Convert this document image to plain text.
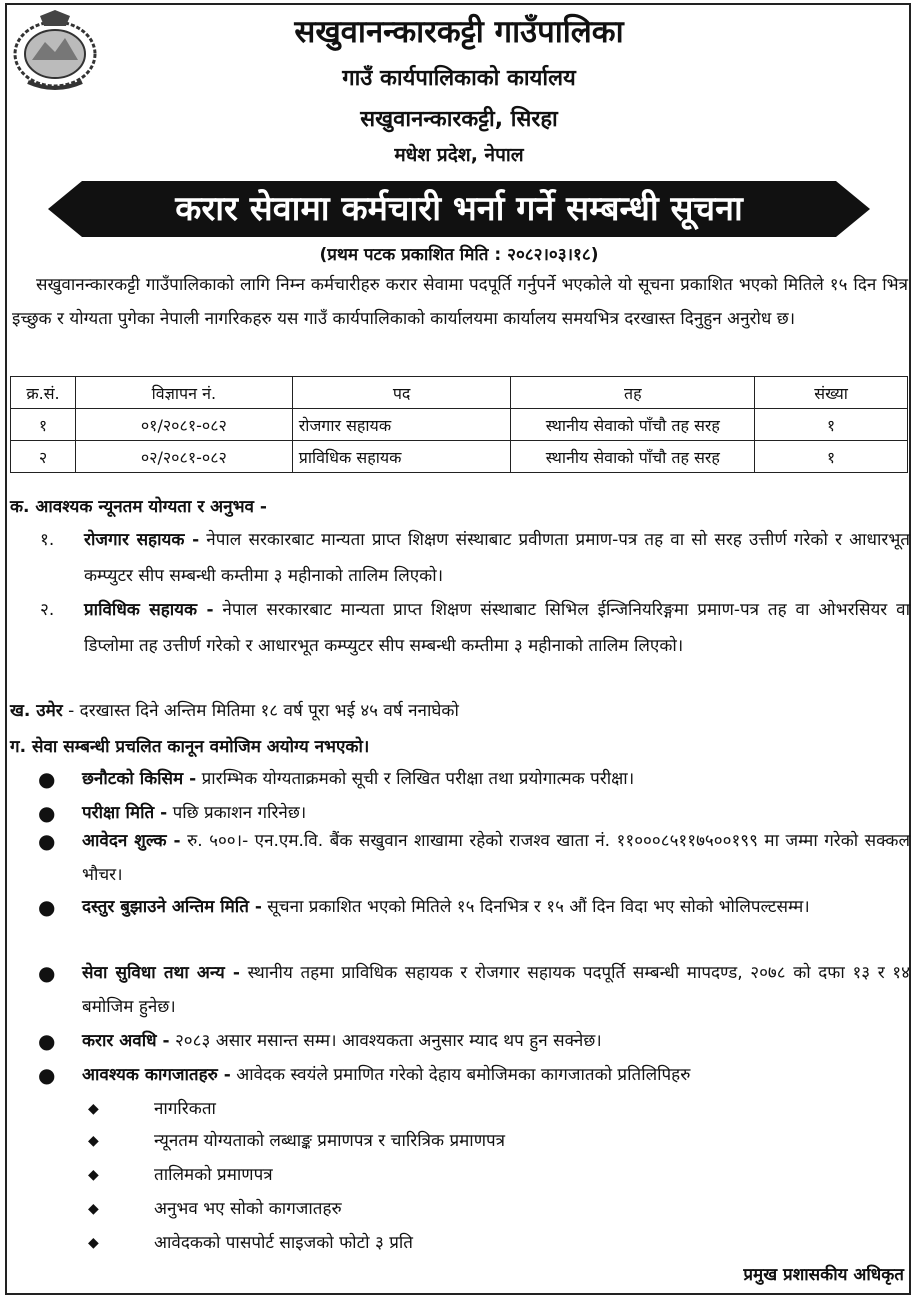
सखुवानन्कारकट्टी गाउँपालिका
गाउँ कार्यपालिकाको कार्यालय
सखुवानन्कारकट्टी, सिरहा
मधेश प्रदेश, नेपाल
करार सेवामा कर्मचारी भर्ना गर्ने सम्बन्धी सूचना
(प्रथम पटक प्रकाशित मिति : २०८२।०३।१८)

सखुवानन्कारकट्टी गाउँपालिकाको लागि निम्न कर्मचारीहरु करार सेवामा पदपूर्ति गर्नुपर्ने भएकोले यो सूचना प्रकाशित भएको मितिले १५ दिन भित्र इच्छुक र योग्यता पुगेका नेपाली नागरिकहरु यस गाउँ कार्यपालिकाको कार्यालयमा कार्यालय समयभित्र दरखास्त दिनुहुन अनुरोध छ।

क्र.सं.	विज्ञापन नं.	पद	तह	संख्या
१	०१/२०८१-०८२	रोजगार सहायक	स्थानीय सेवाको पाँचौ तह सरह	१
२	०२/२०८१-०८२	प्राविधिक सहायक	स्थानीय सेवाको पाँचौ तह सरह	१
क. आवश्यक न्यूनतम योग्यता र अनुभव -
१. रोजगार सहायक - नेपाल सरकारबाट मान्यता प्राप्त शिक्षण संस्थाबाट प्रवीणता प्रमाण-पत्र तह वा सो सरह उत्तीर्ण गरेको र आधारभूत कम्प्युटर सीप सम्बन्धी कम्तीमा ३ महीनाको तालिम लिएको।
२. प्राविधिक सहायक - नेपाल सरकारबाट मान्यता प्राप्त शिक्षण संस्थाबाट सिभिल ईन्जिनियरिङ्गमा प्रमाण-पत्र तह वा ओभरसियर वा डिप्लोमा तह उत्तीर्ण गरेको र आधारभूत कम्प्युटर सीप सम्बन्धी कम्तीमा ३ महीनाको तालिम लिएको।
ख. उमेर - दरखास्त दिने अन्तिम मितिमा १८ वर्ष पूरा भई ४५ वर्ष ननाघेको
ग. सेवा सम्बन्धी प्रचलित कानून वमोजिम अयोग्य नभएको।
● छनौटको किसिम - प्रारम्भिक योग्यताक्रमको सूची र लिखित परीक्षा तथा प्रयोगात्मक परीक्षा।
● परीक्षा मिति - पछि प्रकाशन गरिनेछ।
● आवेदन शुल्क - रु. ५००।- एन.एम.वि. बैंक सखुवान शाखामा रहेको राजश्व खाता नं. ११०००८५११७५००१९९ मा जम्मा गरेको सक्कल भौचर।
● दस्तुर बुझाउने अन्तिम मिति - सूचना प्रकाशित भएको मितिले १५ दिनभित्र र १५ औं दिन विदा भए सोको भोलिपल्टसम्म।
● सेवा सुविधा तथा अन्य - स्थानीय तहमा प्राविधिक सहायक र रोजगार सहायक पदपूर्ति सम्बन्धी मापदण्ड, २०७८ को दफा १३ र १४ बमोजिम हुनेछ।
● करार अवधि - २०८३ असार मसान्त सम्म। आवश्यकता अनुसार म्याद थप हुन सक्नेछ।
● आवश्यक कागजातहरु - आवेदक स्वयंले प्रमाणित गरेको देहाय बमोजिमका कागजातको प्रतिलिपिहरु
◆	नागरिकता
◆	न्यूनतम योग्यताको लब्धाङ्क प्रमाणपत्र र चारित्रिक प्रमाणपत्र
◆	तालिमको प्रमाणपत्र
◆	अनुभव भए सोको कागजातहरु
◆	आवेदकको पासपोर्ट साइजको फोटो ३ प्रति
प्रमुख प्रशासकीय अधिकृत
